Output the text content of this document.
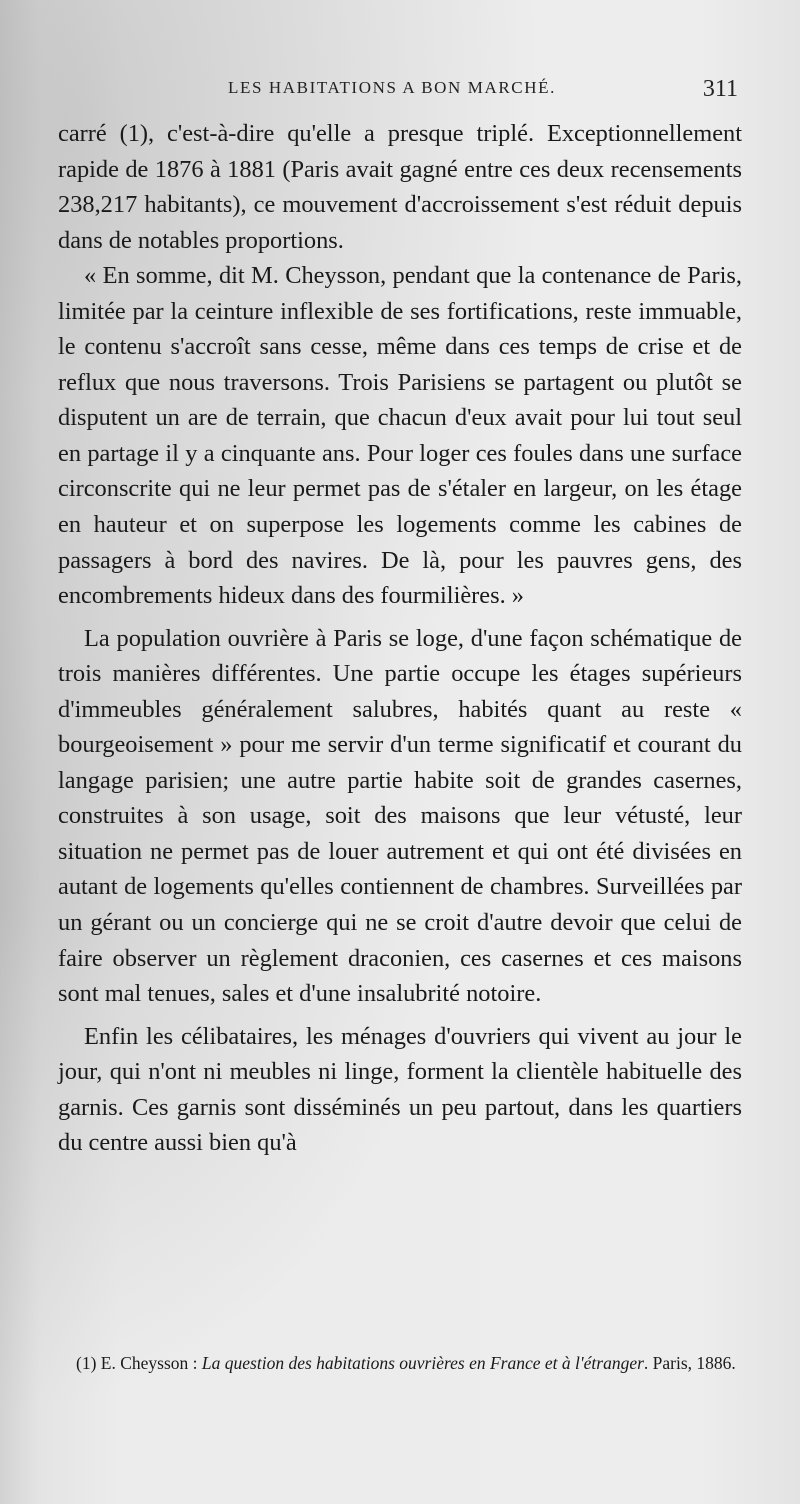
LES HABITATIONS A BON MARCHÉ.	311

carré (1), c'est-à-dire qu'elle a presque triplé. Exceptionnellement rapide de 1876 à 1881 (Paris avait gagné entre ces deux recensements 238,217 habitants), ce mouvement d'accroissement s'est réduit depuis dans de notables proportions.

« En somme, dit M. Cheysson, pendant que la contenance de Paris, limitée par la ceinture inflexible de ses fortifications, reste immuable, le contenu s'accroît sans cesse, même dans ces temps de crise et de reflux que nous traversons. Trois Parisiens se partagent ou plutôt se disputent un are de terrain, que chacun d'eux avait pour lui tout seul en partage il y a cinquante ans. Pour loger ces foules dans une surface circonscrite qui ne leur permet pas de s'étaler en largeur, on les étage en hauteur et on superpose les logements comme les cabines de passagers à bord des navires. De là, pour les pauvres gens, des encombrements hideux dans des fourmilières. »

La population ouvrière à Paris se loge, d'une façon schématique de trois manières différentes. Une partie occupe les étages supérieurs d'immeubles généralement salubres, habités quant au reste « bourgeoisement » pour me servir d'un terme significatif et courant du langage parisien; une autre partie habite soit de grandes casernes, construites à son usage, soit des maisons que leur vétusté, leur situation ne permet pas de louer autrement et qui ont été divisées en autant de logements qu'elles contiennent de chambres. Surveillées par un gérant ou un concierge qui ne se croit d'autre devoir que celui de faire observer un règlement draconien, ces casernes et ces maisons sont mal tenues, sales et d'une insalubrité notoire.

Enfin les célibataires, les ménages d'ouvriers qui vivent au jour le jour, qui n'ont ni meubles ni linge, forment la clientèle habituelle des garnis. Ces garnis sont disséminés un peu partout, dans les quartiers du centre aussi bien qu'à

(1) E. Cheysson : La question des habitations ouvrières en France et à l'étranger. Paris, 1886.
